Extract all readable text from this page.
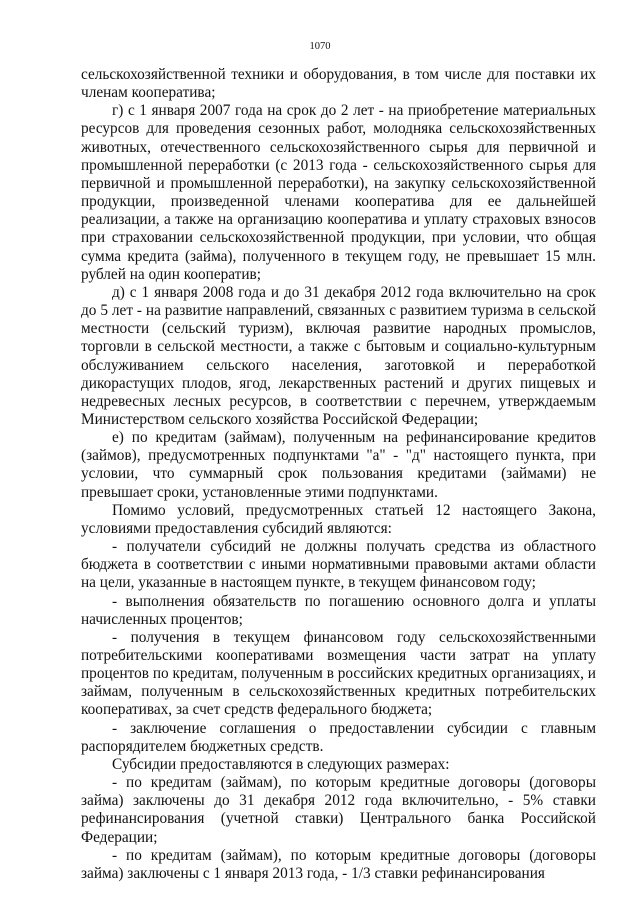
1070

сельскохозяйственной техники и оборудования, в том числе для поставки их членам кооператива;

г) с 1 января 2007 года на срок до 2 лет - на приобретение материальных ресурсов для проведения сезонных работ, молодняка сельскохозяйственных животных, отечественного сельскохозяйственного сырья для первичной и промышленной переработки (с 2013 года - сельскохозяйственного сырья для первичной и промышленной переработки), на закупку сельскохозяйственной продукции, произведенной членами кооператива для ее дальнейшей реализации, а также на организацию кооператива и уплату страховых взносов при страховании сельскохозяйственной продукции, при условии, что общая сумма кредита (займа), полученного в текущем году, не превышает 15 млн. рублей на один кооператив;

д) с 1 января 2008 года и до 31 декабря 2012 года включительно на срок до 5 лет - на развитие направлений, связанных с развитием туризма в сельской местности (сельский туризм), включая развитие народных промыслов, торговли в сельской местности, а также с бытовым и социально-культурным обслуживанием сельского населения, заготовкой и переработкой дикорастущих плодов, ягод, лекарственных растений и других пищевых и недревесных лесных ресурсов, в соответствии с перечнем, утверждаемым Министерством сельского хозяйства Российской Федерации;

е) по кредитам (займам), полученным на рефинансирование кредитов (займов), предусмотренных подпунктами "а" - "д" настоящего пункта, при условии, что суммарный срок пользования кредитами (займами) не превышает сроки, установленные этими подпунктами.

Помимо условий, предусмотренных статьей 12 настоящего Закона, условиями предоставления субсидий являются:

- получатели субсидий не должны получать средства из областного бюджета в соответствии с иными нормативными правовыми актами области на цели, указанные в настоящем пункте, в текущем финансовом году;

- выполнения обязательств по погашению основного долга и уплаты начисленных процентов;

- получения в текущем финансовом году сельскохозяйственными потребительскими кооперативами возмещения части затрат на уплату процентов по кредитам, полученным в российских кредитных организациях, и займам, полученным в сельскохозяйственных кредитных потребительских кооперативах, за счет средств федерального бюджета;

- заключение соглашения о предоставлении субсидии с главным распорядителем бюджетных средств.

Субсидии предоставляются в следующих размерах:

- по кредитам (займам), по которым кредитные договоры (договоры займа) заключены до 31 декабря 2012 года включительно, - 5% ставки рефинансирования (учетной ставки) Центрального банка Российской Федерации;

- по кредитам (займам), по которым кредитные договоры (договоры займа) заключены с 1 января 2013 года, - 1/3 ставки рефинансирования
